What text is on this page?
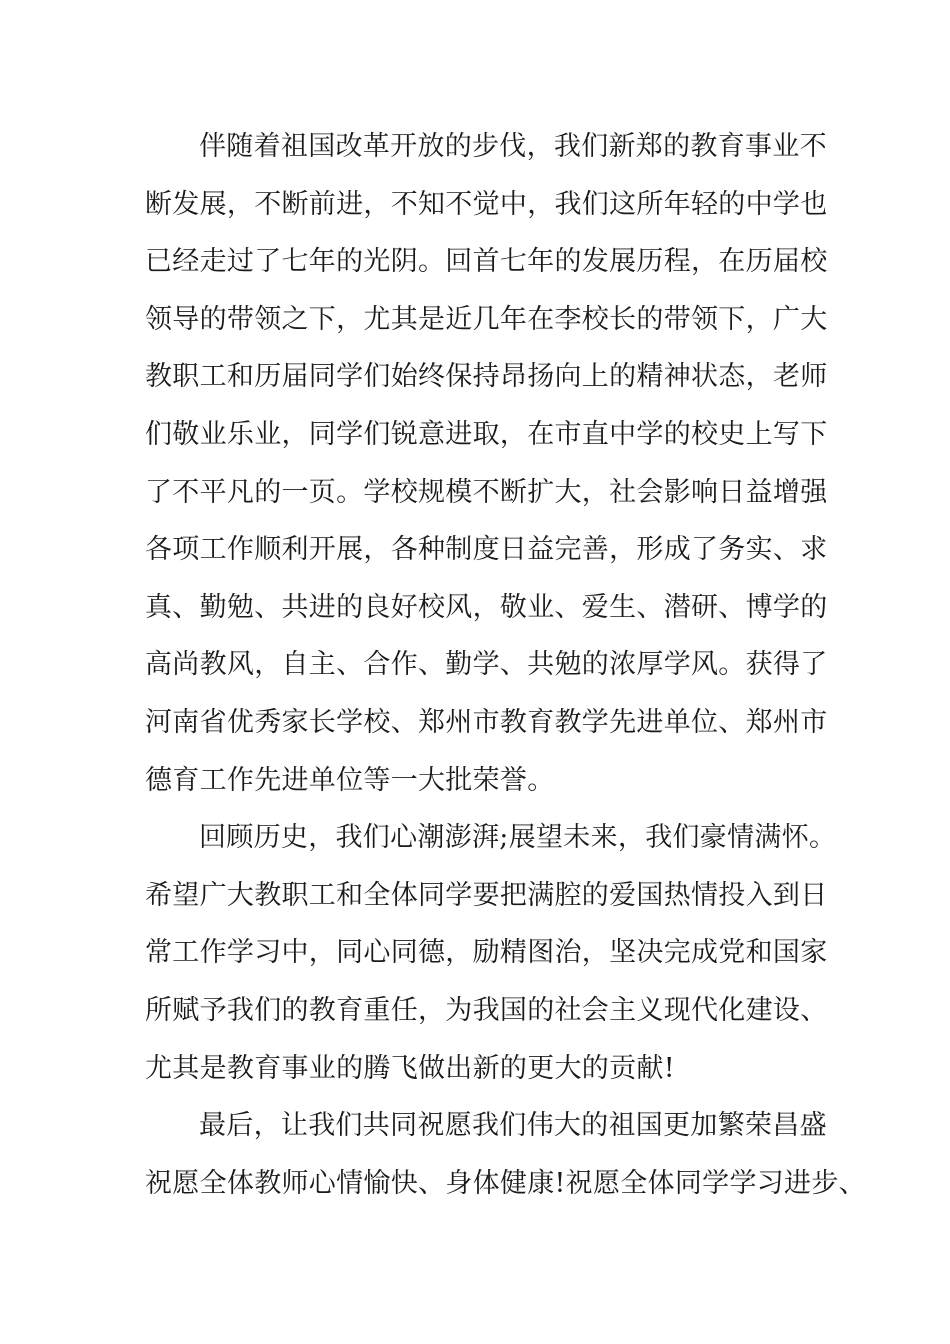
伴随着祖国改革开放的步伐，我们新郑的教育事业不
断发展，不断前进，不知不觉中，我们这所年轻的中学也
已经走过了七年的光阴。回首七年的发展历程，在历届校
领导的带领之下，尤其是近几年在李校长的带领下，广大
教职工和历届同学们始终保持昂扬向上的精神状态，老师
们敬业乐业，同学们锐意进取，在市直中学的校史上写下
了不平凡的一页。学校规模不断扩大，社会影响日益增强
各项工作顺利开展，各种制度日益完善，形成了务实、求
真、勤勉、共进的良好校风，敬业、爱生、潜研、博学的
高尚教风，自主、合作、勤学、共勉的浓厚学风。获得了
河南省优秀家长学校、郑州市教育教学先进单位、郑州市
德育工作先进单位等一大批荣誉。
回顾历史，我们心潮澎湃;展望未来，我们豪情满怀。
希望广大教职工和全体同学要把满腔的爱国热情投入到日
常工作学习中，同心同德，励精图治，坚决完成党和国家
所赋予我们的教育重任，为我国的社会主义现代化建设、
尤其是教育事业的腾飞做出新的更大的贡献!
最后，让我们共同祝愿我们伟大的祖国更加繁荣昌盛
祝愿全体教师心情愉快、身体健康!祝愿全体同学学习进步、
